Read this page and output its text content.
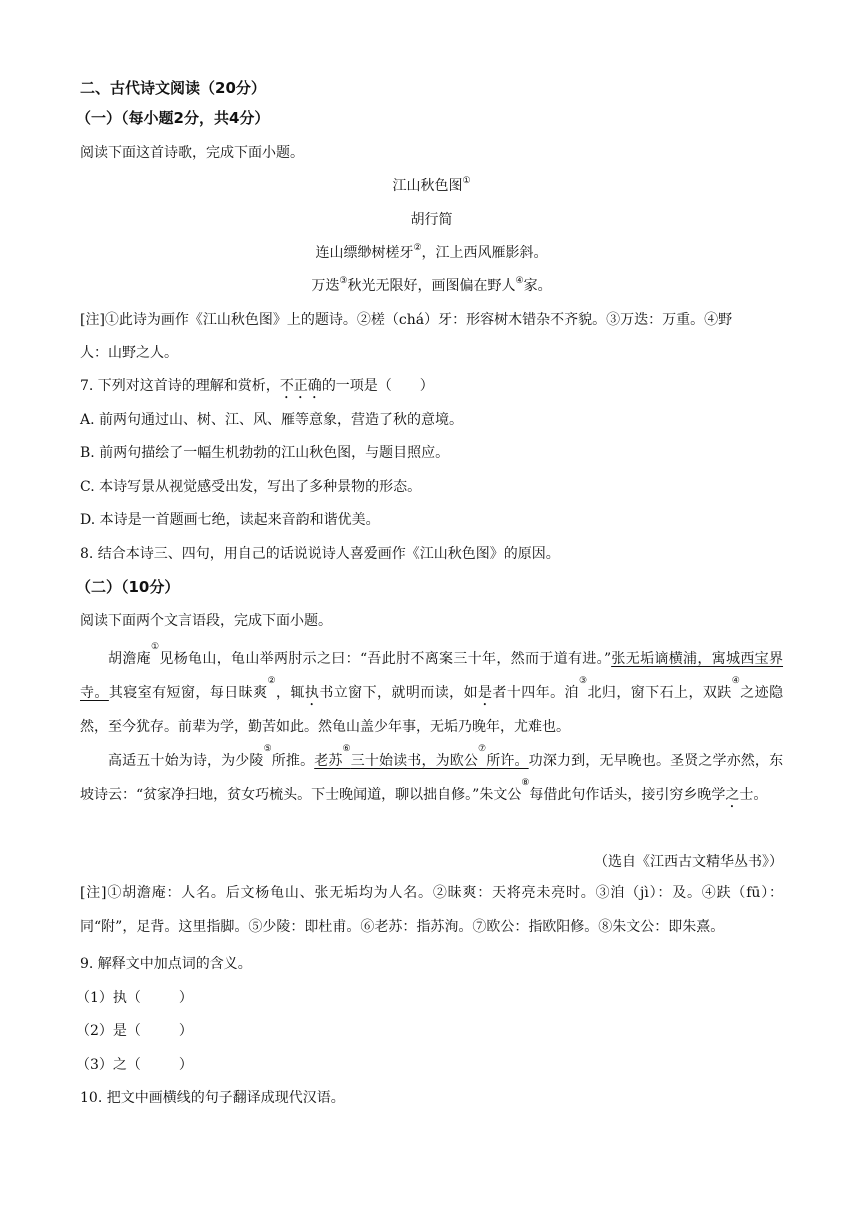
二、古代诗文阅读（20分）

（一）（每小题2分，共4分）

阅读下面这首诗歌，完成下面小题。

江山秋色图①

胡行简

连山缥缈树槎牙②，江上西风雁影斜。

万迭③秋光无限好，画图偏在野人④家。

[注]①此诗为画作《江山秋色图》上的题诗。②槎（chá）牙：形容树木错杂不齐貌。③万迭：万重。④野

人：山野之人。

7. 下列对这首诗的理解和赏析，不正确的一项是（　　）

A. 前两句通过山、树、江、风、雁等意象，营造了秋的意境。

B. 前两句描绘了一幅生机勃勃的江山秋色图，与题目照应。

C. 本诗写景从视觉感受出发，写出了多种景物的形态。

D. 本诗是一首题画七绝，读起来音韵和谐优美。

8. 结合本诗三、四句，用自己的话说说诗人喜爱画作《江山秋色图》的原因。

（二）（10分）

阅读下面两个文言语段，完成下面小题。

胡澹庵①见杨龟山，龟山举两肘示之曰：“吾此肘不离案三十年，然而于道有进。”张无垢谪横浦，寓城西宝界寺。其寝室有短窗，每日昧爽②，辄执书立窗下，就明而读，如是者十四年。洎③北归，窗下石上，双趺④之迹隐然，至今犹存。前辈为学，勤苦如此。然龟山盖少年事，无垢乃晚年，尤难也。

高适五十始为诗，为少陵⑤所推。老苏⑥三十始读书，为欧公⑦所许。功深力到，无早晚也。圣贤之学亦然，东坡诗云：“贫家净扫地，贫女巧梳头。下士晚闻道，聊以拙自修。”朱文公⑧每借此句作话头，接引穷乡晚学之士。

（选自《江西古文精华丛书》）

[注]①胡澹庵：人名。后文杨龟山、张无垢均为人名。②昧爽：天将亮未亮时。③洎（jì）：及。④趺（fū）：同“附”，足背。这里指脚。⑤少陵：即杜甫。⑥老苏：指苏洵。⑦欧公：指欧阳修。⑧朱文公：即朱熹。

9. 解释文中加点词的含义。

（1）执（	）

（2）是（	）

（3）之（	）

10. 把文中画横线的句子翻译成现代汉语。
